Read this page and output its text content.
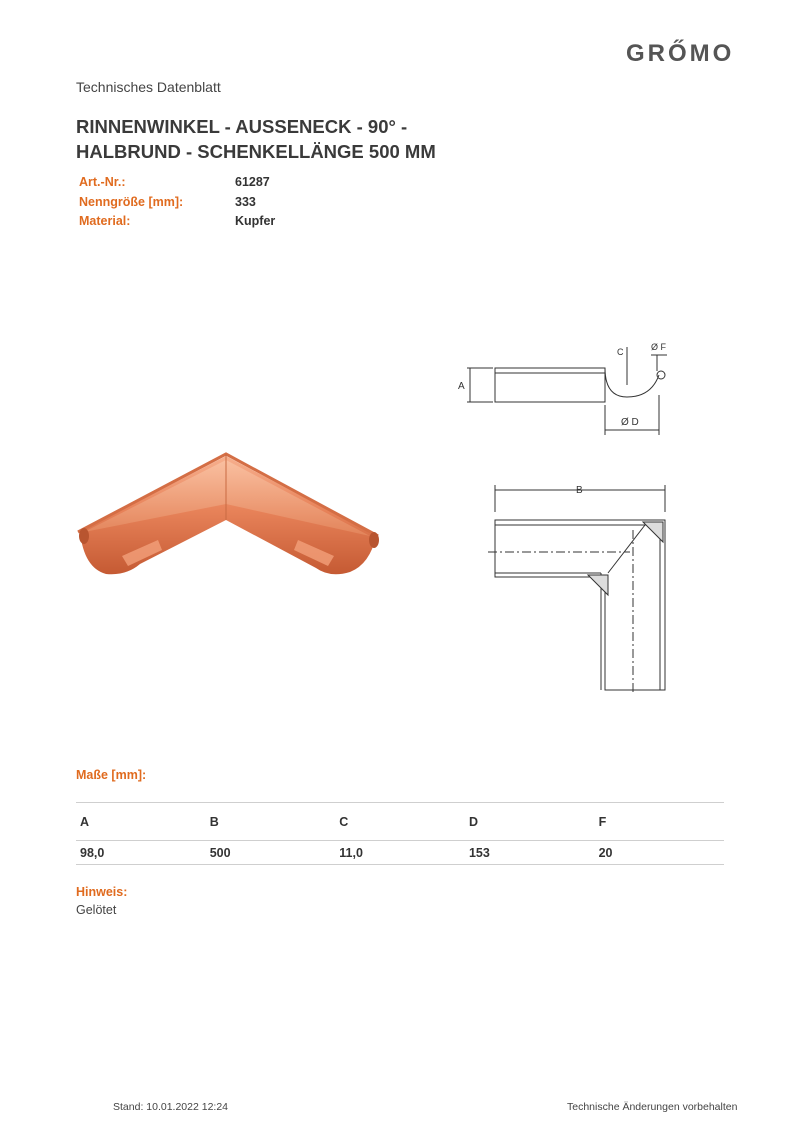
GRŐMO
Technisches Datenblatt
RINNENWINKEL - AUSSENECK - 90° -
HALBRUND - SCHENKELLÄNGE 500 MM
Art.-Nr.:	61287
Nenngröße [mm]:	333
Material:	Kupfer
A
C	Ø F
Ø D
B
Maße [mm]:
A	B	C	D	F
98,0	500	11,0	153	20
Hinweis:
Gelötet
Stand: 10.01.2022 12:24	Technische Änderungen vorbehalten
